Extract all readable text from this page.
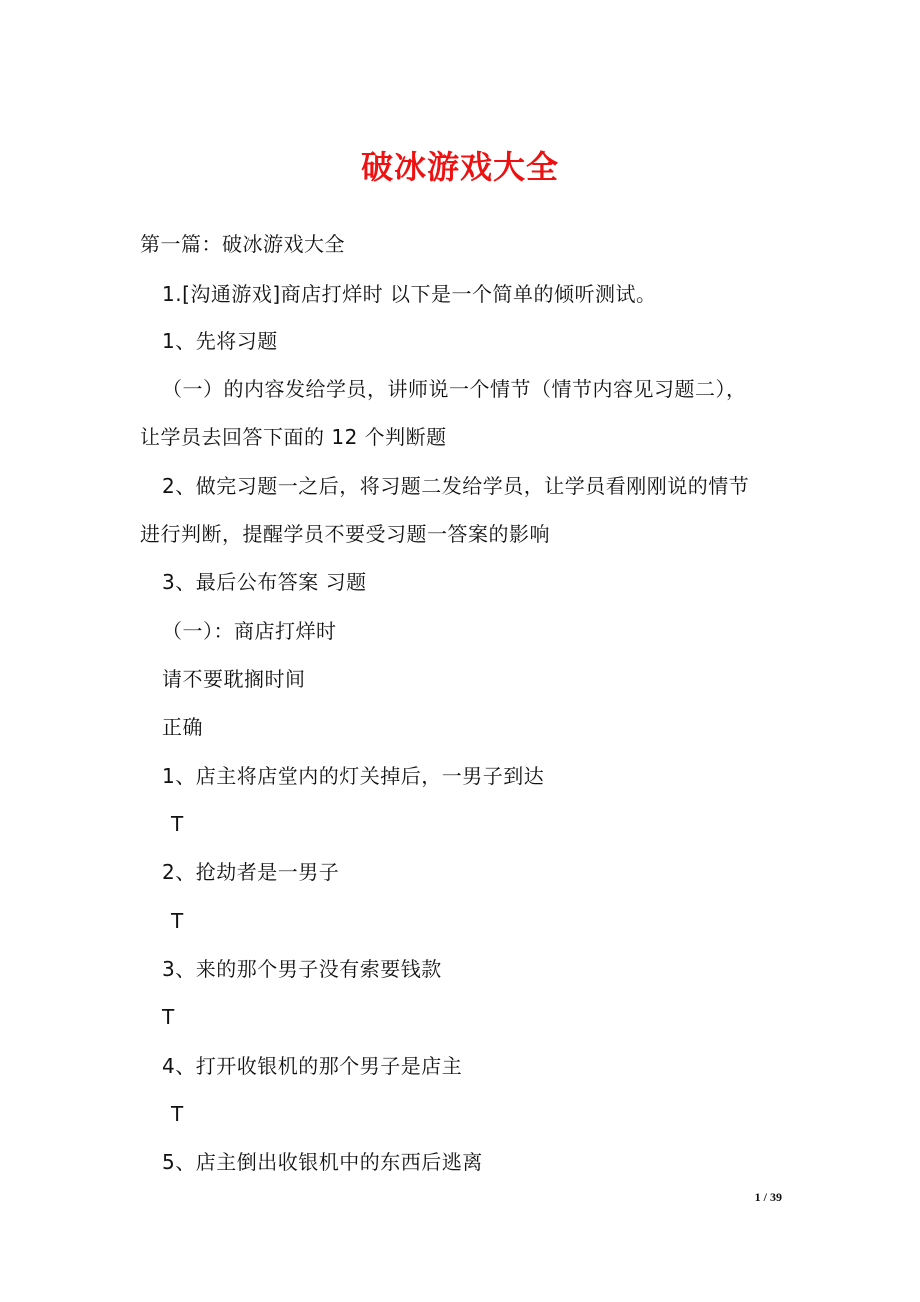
破冰游戏大全
第一篇：破冰游戏大全
1.[沟通游戏]商店打烊时 以下是一个简单的倾听测试。
1、先将习题
（一）的内容发给学员，讲师说一个情节（情节内容见习题二），
让学员去回答下面的 12 个判断题
2、做完习题一之后，将习题二发给学员，让学员看刚刚说的情节
进行判断，提醒学员不要受习题一答案的影响
3、最后公布答案 习题
（一）：商店打烊时
请不要耽搁时间
正确
1、店主将店堂内的灯关掉后，一男子到达
T
2、抢劫者是一男子
T
3、来的那个男子没有索要钱款
T
4、打开收银机的那个男子是店主
T
5、店主倒出收银机中的东西后逃离
1 / 39
